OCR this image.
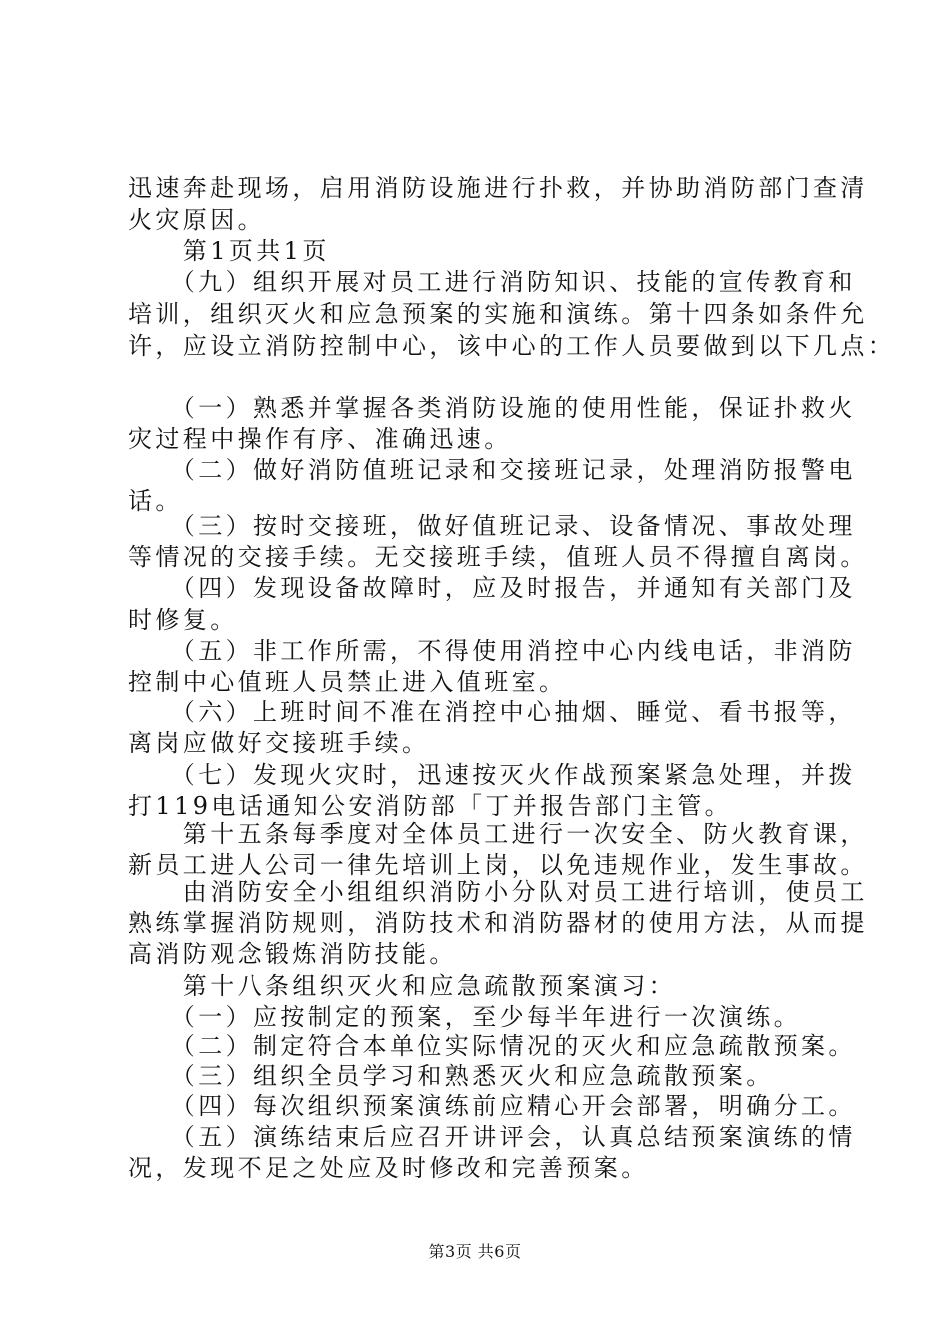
迅速奔赴现场，启用消防设施进行扑救，并协助消防部门查清
火灾原因。
　　第1页共1页
　　（九）组织开展对员工进行消防知识、技能的宣传教育和
培训，组织灭火和应急预案的实施和演练。第十四条如条件允
许，应设立消防控制中心，该中心的工作人员要做到以下几点：
　　（一）熟悉并掌握各类消防设施的使用性能，保证扑救火
灾过程中操作有序、准确迅速。
　　（二）做好消防值班记录和交接班记录，处理消防报警电
话。
　　（三）按时交接班，做好值班记录、设备情况、事故处理
等情况的交接手续。无交接班手续，值班人员不得擅自离岗。
　　（四）发现设备故障时，应及时报告，并通知有关部门及
时修复。
　　（五）非工作所需，不得使用消控中心内线电话，非消防
控制中心值班人员禁止进入值班室。
　　（六）上班时间不准在消控中心抽烟、睡觉、看书报等，
离岗应做好交接班手续。
　　（七）发现火灾时，迅速按灭火作战预案紧急处理，并拨
打119电话通知公安消防部「丁并报告部门主管。
　　第十五条每季度对全体员工进行一次安全、防火教育课，
新员工进人公司一律先培训上岗，以免违规作业，发生事故。
　　由消防安全小组组织消防小分队对员工进行培训，使员工
熟练掌握消防规则，消防技术和消防器材的使用方法，从而提
高消防观念锻炼消防技能。
　　第十八条组织灭火和应急疏散预案演习：
　　（一）应按制定的预案，至少每半年进行一次演练。
　　（二）制定符合本单位实际情况的灭火和应急疏散预案。
　　（三）组织全员学习和熟悉灭火和应急疏散预案。
　　（四）每次组织预案演练前应精心开会部署，明确分工。
　　（五）演练结束后应召开讲评会，认真总结预案演练的情
况，发现不足之处应及时修改和完善预案。
第3页 共6页
